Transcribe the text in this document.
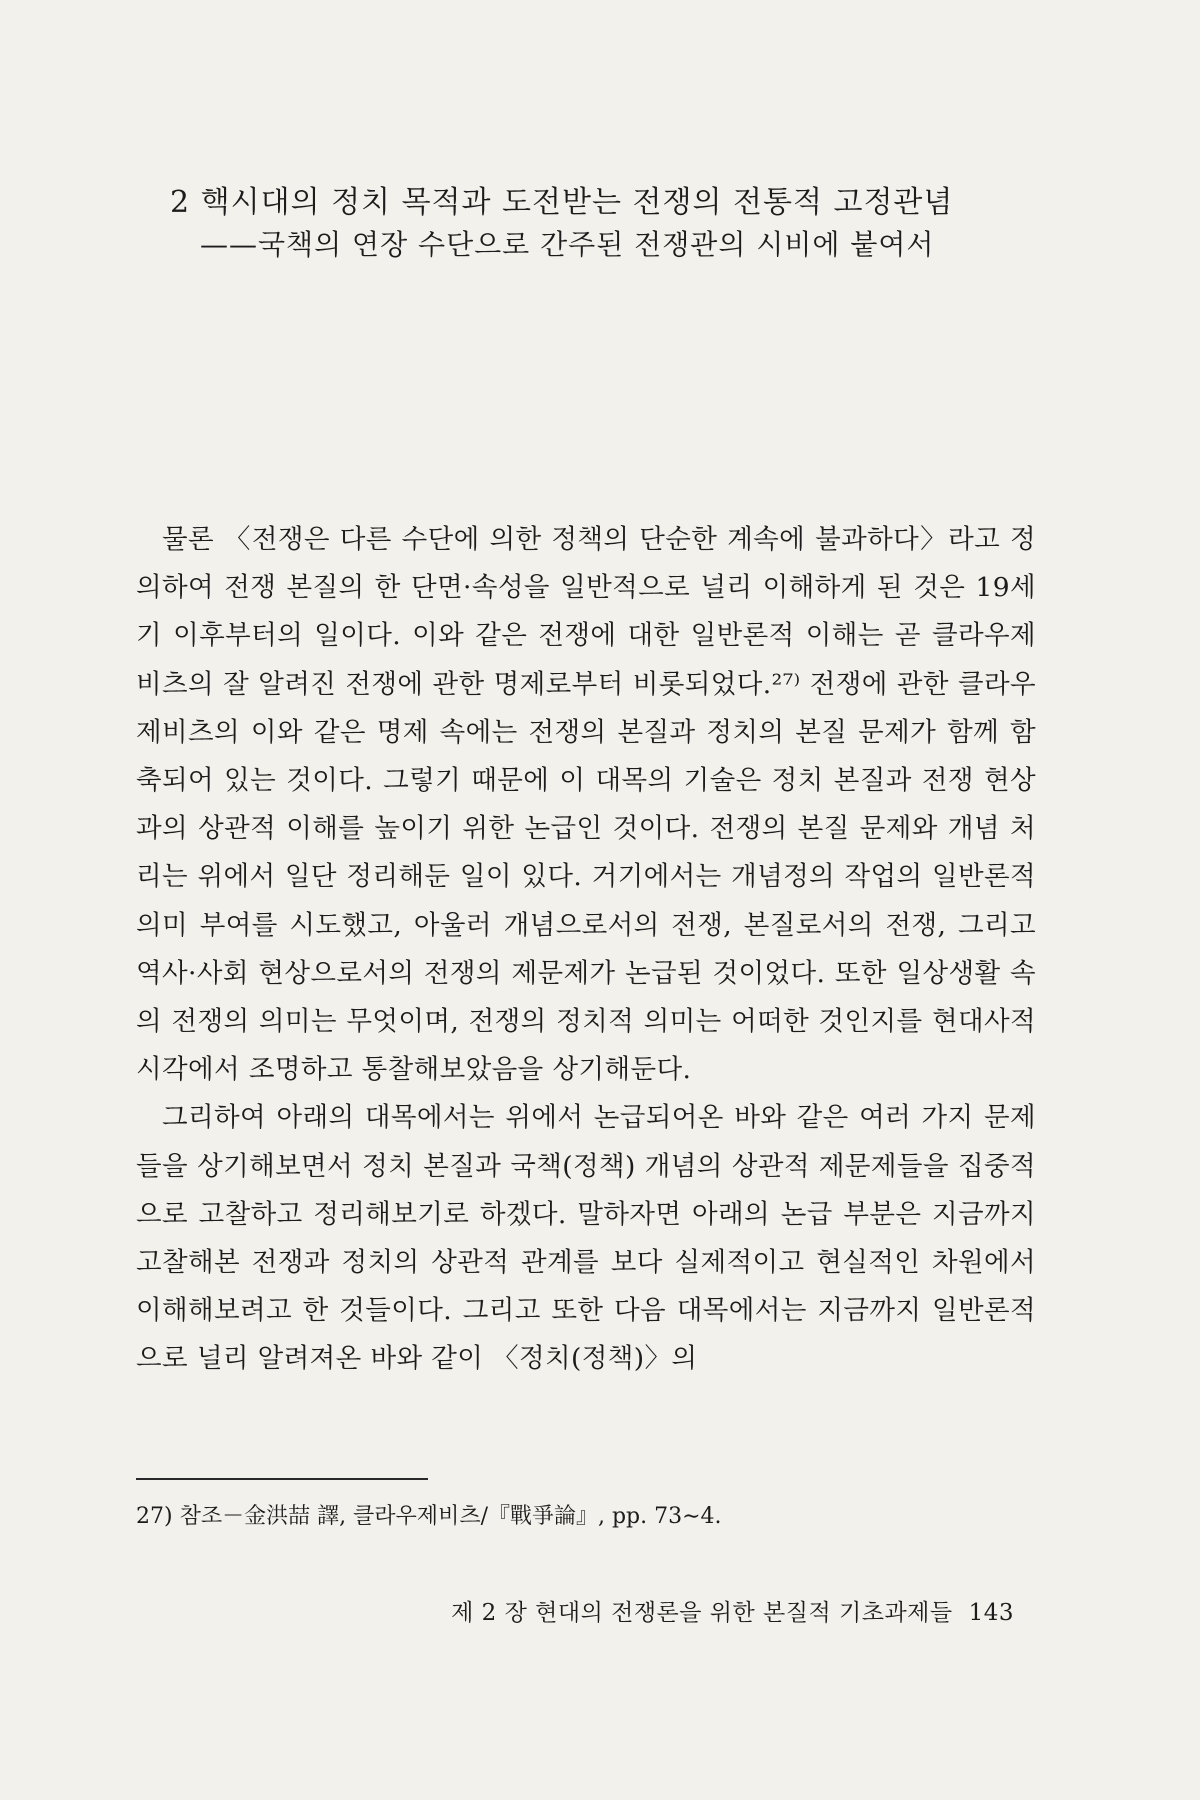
2 핵시대의 정치 목적과 도전받는 전쟁의 전통적 고정관념
——국책의 연장 수단으로 간주된 전쟁관의 시비에 붙여서

물론 〈전쟁은 다른 수단에 의한 정책의 단순한 계속에 불과하다〉라고 정의하여 전쟁 본질의 한 단면·속성을 일반적으로 널리 이해하게 된 것은 19세기 이후부터의 일이다. 이와 같은 전쟁에 대한 일반론적 이해는 곧 클라우제비츠의 잘 알려진 전쟁에 관한 명제로부터 비롯되었다.²⁷⁾ 전쟁에 관한 클라우제비츠의 이와 같은 명제 속에는 전쟁의 본질과 정치의 본질 문제가 함께 함축되어 있는 것이다. 그렇기 때문에 이 대목의 기술은 정치 본질과 전쟁 현상과의 상관적 이해를 높이기 위한 논급인 것이다. 전쟁의 본질 문제와 개념 처리는 위에서 일단 정리해둔 일이 있다. 거기에서는 개념정의 작업의 일반론적 의미 부여를 시도했고, 아울러 개념으로서의 전쟁, 본질로서의 전쟁, 그리고 역사·사회 현상으로서의 전쟁의 제문제가 논급된 것이었다. 또한 일상생활 속의 전쟁의 의미는 무엇이며, 전쟁의 정치적 의미는 어떠한 것인지를 현대사적 시각에서 조명하고 통찰해보았음을 상기해둔다.

그리하여 아래의 대목에서는 위에서 논급되어온 바와 같은 여러 가지 문제들을 상기해보면서 정치 본질과 국책(정책) 개념의 상관적 제문제들을 집중적으로 고찰하고 정리해보기로 하겠다. 말하자면 아래의 논급 부분은 지금까지 고찰해본 전쟁과 정치의 상관적 관계를 보다 실제적이고 현실적인 차원에서 이해해보려고 한 것들이다. 그리고 또한 다음 대목에서는 지금까지 일반론적으로 널리 알려져온 바와 같이 〈정치(정책)〉의

27) 참조－金洪喆 譯, 클라우제비츠/『戰爭論』, pp. 73∼4.
제 2 장 현대의 전쟁론을 위한 본질적 기초과제들 143
